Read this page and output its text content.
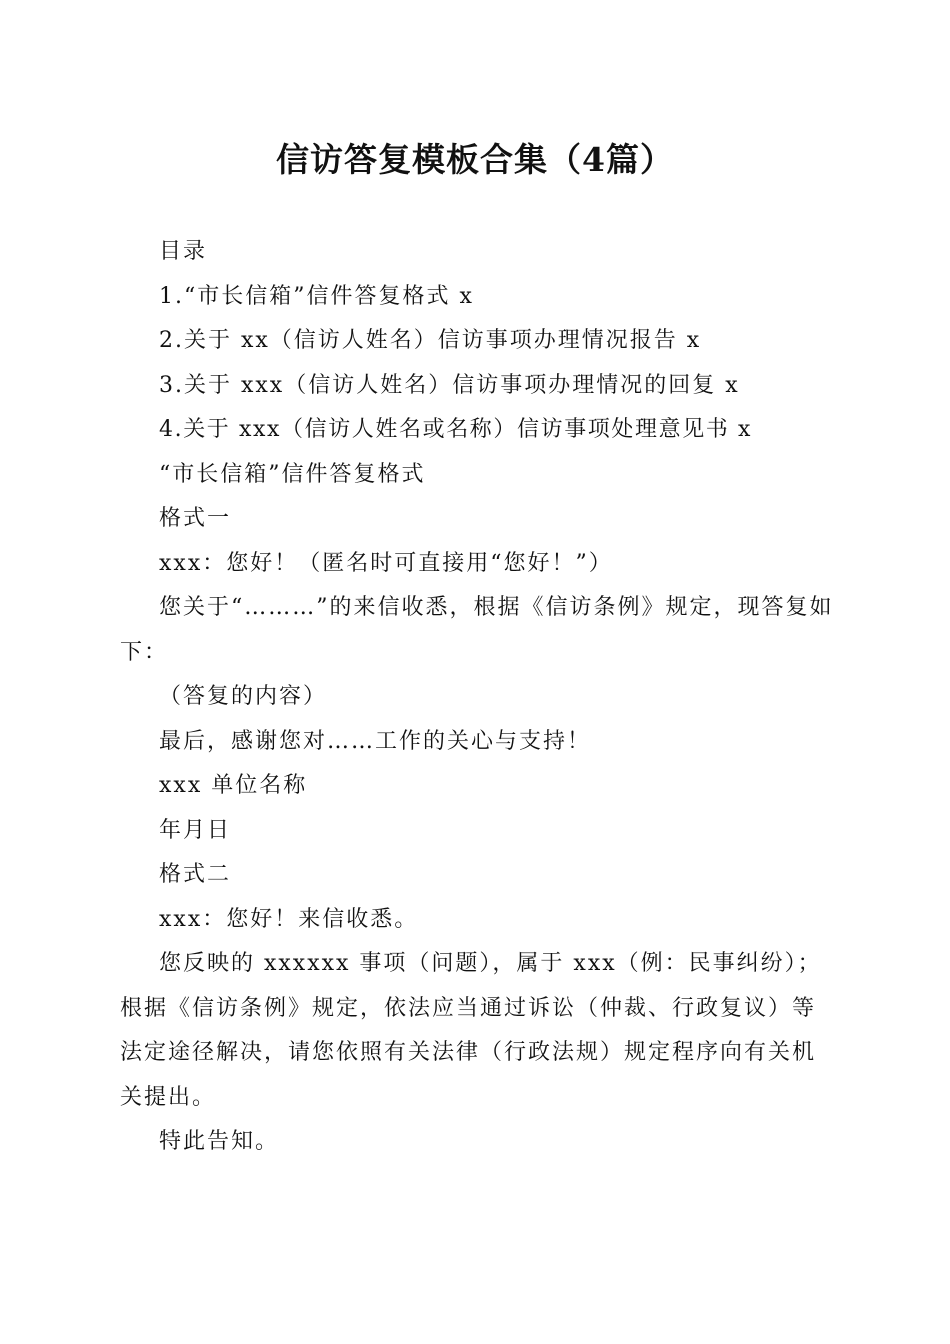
信访答复模板合集（4篇）

目录

1.“市长信箱”信件答复格式 x

2.关于 xx（信访人姓名）信访事项办理情况报告 x

3.关于 xxx（信访人姓名）信访事项办理情况的回复 x

4.关于 xxx（信访人姓名或名称）信访事项处理意见书 x

“市长信箱”信件答复格式

格式一

xxx：您好！（匿名时可直接用“您好！”）

您关于“………”的来信收悉，根据《信访条例》规定，现答复如下：

（答复的内容）

最后，感谢您对……工作的关心与支持！

xxx 单位名称

年月日

格式二

xxx：您好！来信收悉。

您反映的 xxxxxx 事项（问题），属于 xxx（例：民事纠纷）；根据《信访条例》规定，依法应当通过诉讼（仲裁、行政复议）等法定途径解决，请您依照有关法律（行政法规）规定程序向有关机关提出。

特此告知。
